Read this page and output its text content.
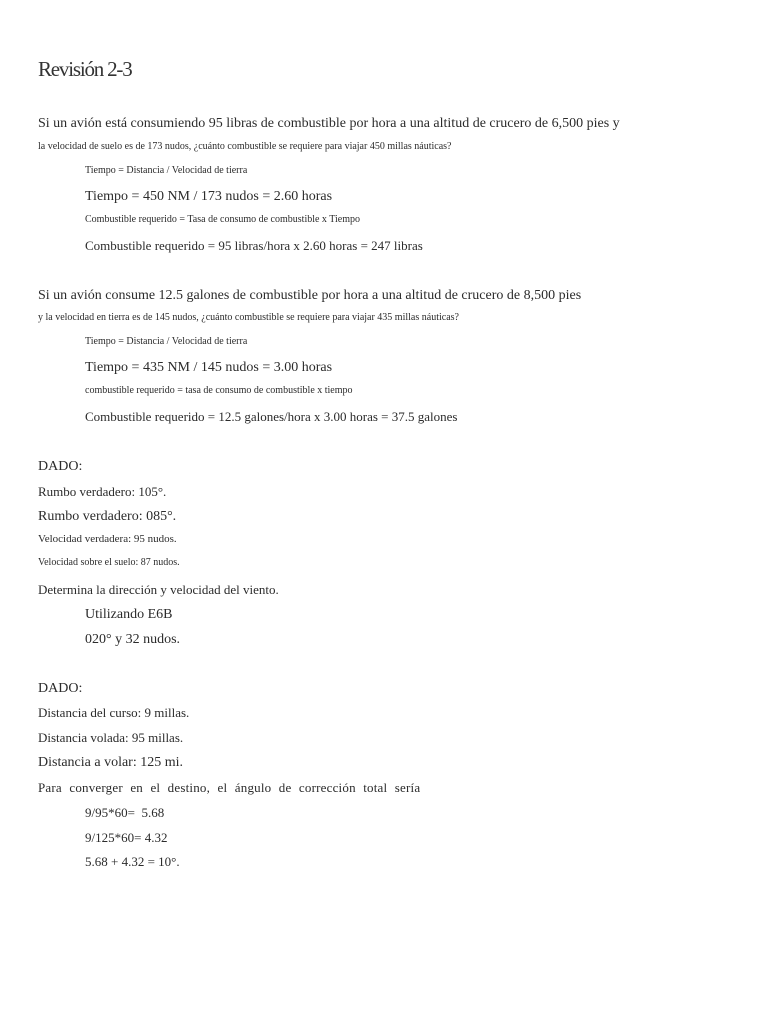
Revisión 2-3
Si un avión está consumiendo 95 libras de combustible por hora a una altitud de crucero de 6,500 pies y
la velocidad de suelo es de 173 nudos, ¿cuánto combustible se requiere para viajar 450 millas náuticas?
Tiempo = Distancia / Velocidad de tierra
Tiempo = 450 NM / 173 nudos = 2.60 horas
Combustible requerido = Tasa de consumo de combustible x Tiempo
Combustible requerido = 95 libras/hora x 2.60 horas = 247 libras
Si un avión consume 12.5 galones de combustible por hora a una altitud de crucero de 8,500 pies
y la velocidad en tierra es de 145 nudos, ¿cuánto combustible se requiere para viajar 435 millas náuticas?
Tiempo = Distancia / Velocidad de tierra
Tiempo = 435 NM / 145 nudos = 3.00 horas
combustible requerido = tasa de consumo de combustible x tiempo
Combustible requerido = 12.5 galones/hora x 3.00 horas = 37.5 galones
DADO:
Rumbo verdadero: 105°.
Rumbo verdadero: 085°.
Velocidad verdadera: 95 nudos.
Velocidad sobre el suelo: 87 nudos.
Determina la dirección y velocidad del viento.
Utilizando E6B
020° y 32 nudos.
DADO:
Distancia del curso: 9 millas.
Distancia volada: 95 millas.
Distancia a volar: 125 mi.
Para converger en el destino, el ángulo de corrección total sería
9/95*60=  5.68
9/125*60= 4.32
5.68 + 4.32 = 10°.
